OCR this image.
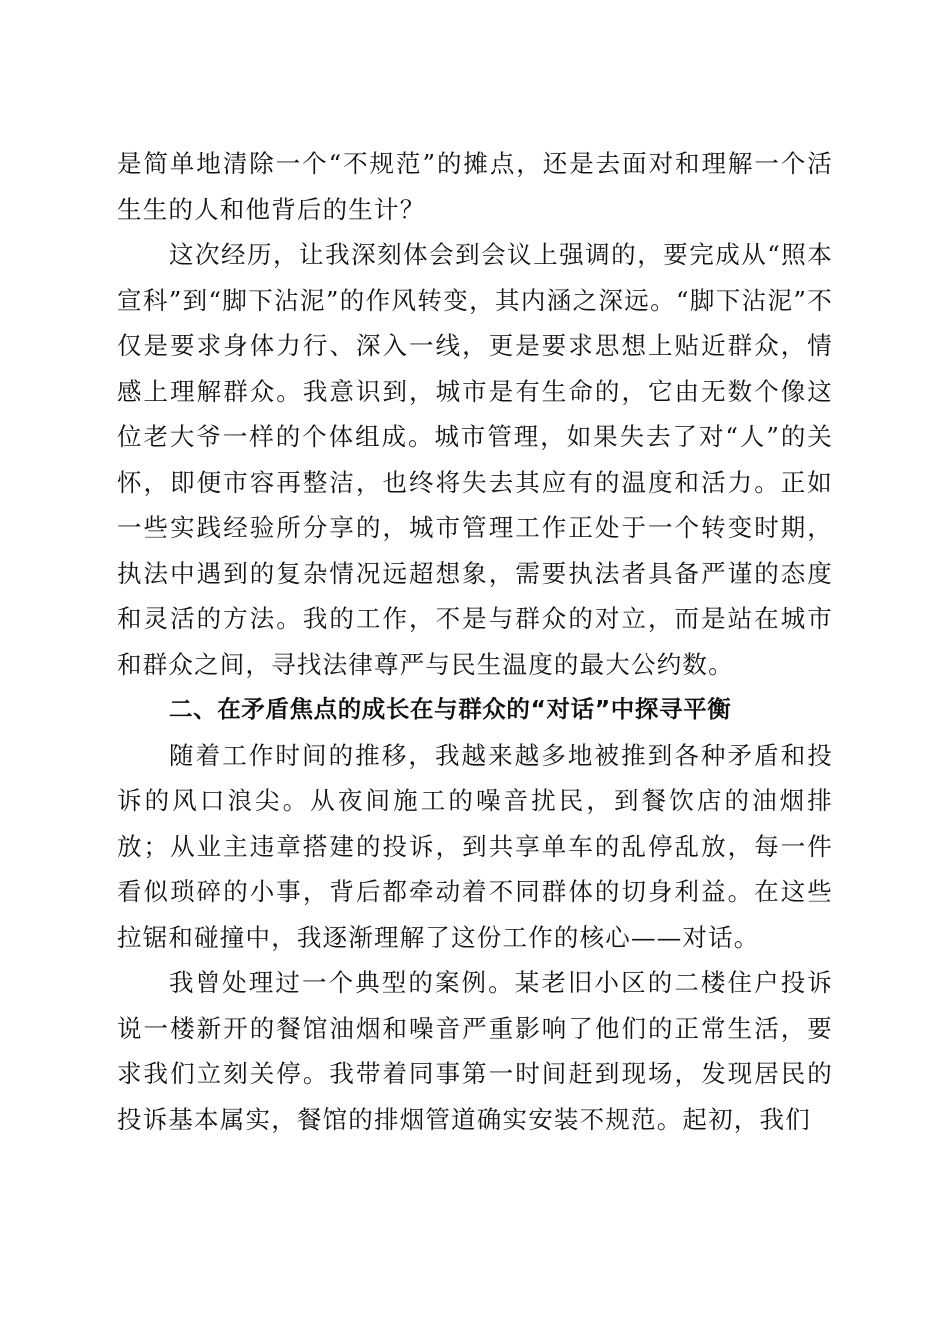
是简单地清除一个“不规范”的摊点，还是去面对和理解一个活生生的人和他背后的生计？

这次经历，让我深刻体会到会议上强调的，要完成从“照本宣科”到“脚下沾泥”的作风转变，其内涵之深远。“脚下沾泥”不仅是要求身体力行、深入一线，更是要求思想上贴近群众，情感上理解群众。我意识到，城市是有生命的，它由无数个像这位老大爷一样的个体组成。城市管理，如果失去了对“人”的关怀，即便市容再整洁，也终将失去其应有的温度和活力。正如一些实践经验所分享的，城市管理工作正处于一个转变时期，执法中遇到的复杂情况远超想象，需要执法者具备严谨的态度和灵活的方法。我的工作，不是与群众的对立，而是站在城市和群众之间，寻找法律尊严与民生温度的最大公约数。

二、在矛盾焦点的成长在与群众的“对话”中探寻平衡

随着工作时间的推移，我越来越多地被推到各种矛盾和投诉的风口浪尖。从夜间施工的噪音扰民，到餐饮店的油烟排放；从业主违章搭建的投诉，到共享单车的乱停乱放，每一件看似琐碎的小事，背后都牵动着不同群体的切身利益。在这些拉锯和碰撞中，我逐渐理解了这份工作的核心——对话。

我曾处理过一个典型的案例。某老旧小区的二楼住户投诉说一楼新开的餐馆油烟和噪音严重影响了他们的正常生活，要求我们立刻关停。我带着同事第一时间赶到现场，发现居民的投诉基本属实，餐馆的排烟管道确实安装不规范。起初，我们
